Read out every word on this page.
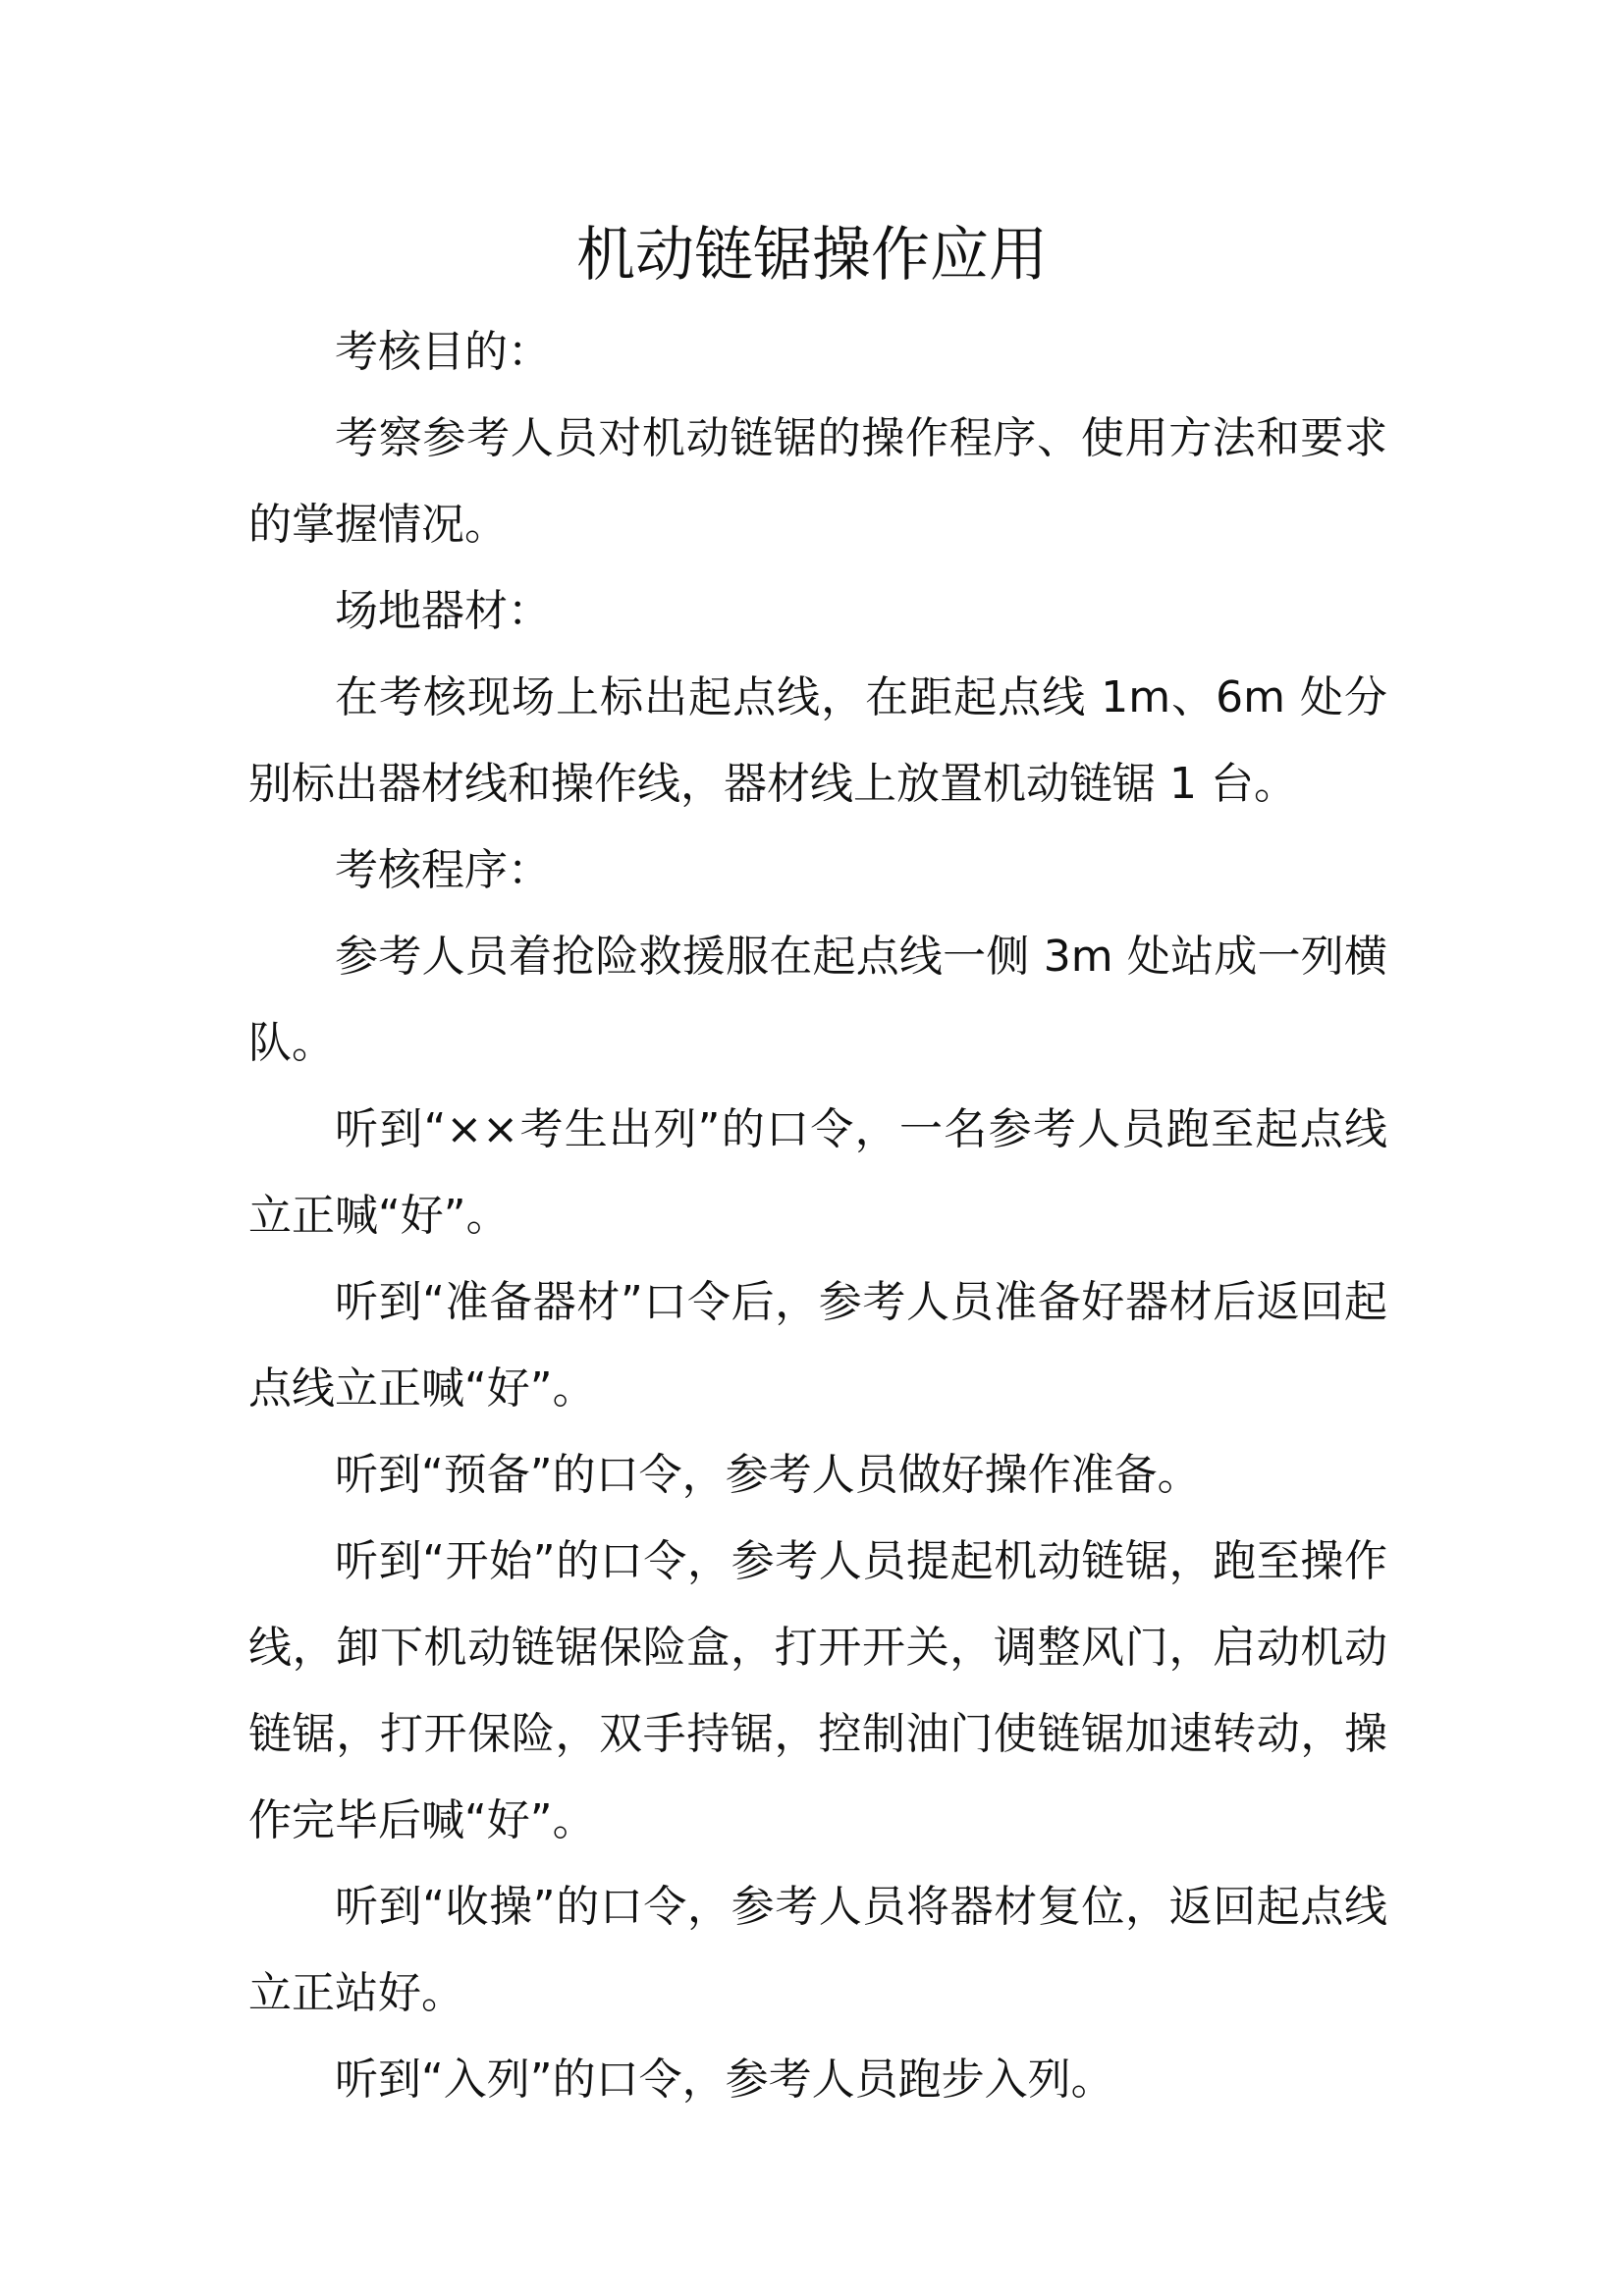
机动链锯操作应用

考核目的：

考察参考人员对机动链锯的操作程序、使用方法和要求的掌握情况。

场地器材：

在考核现场上标出起点线，在距起点线 1m、6m 处分别标出器材线和操作线，器材线上放置机动链锯 1 台。

考核程序：

参考人员着抢险救援服在起点线一侧 3m 处站成一列横队。

听到“××考生出列”的口令，一名参考人员跑至起点线立正喊“好”。

听到“准备器材”口令后，参考人员准备好器材后返回起点线立正喊“好”。

听到“预备”的口令，参考人员做好操作准备。

听到“开始”的口令，参考人员提起机动链锯，跑至操作线，卸下机动链锯保险盒，打开开关，调整风门，启动机动链锯，打开保险，双手持锯，控制油门使链锯加速转动，操作完毕后喊“好”。

听到“收操”的口令，参考人员将器材复位，返回起点线立正站好。

听到“入列”的口令，参考人员跑步入列。
